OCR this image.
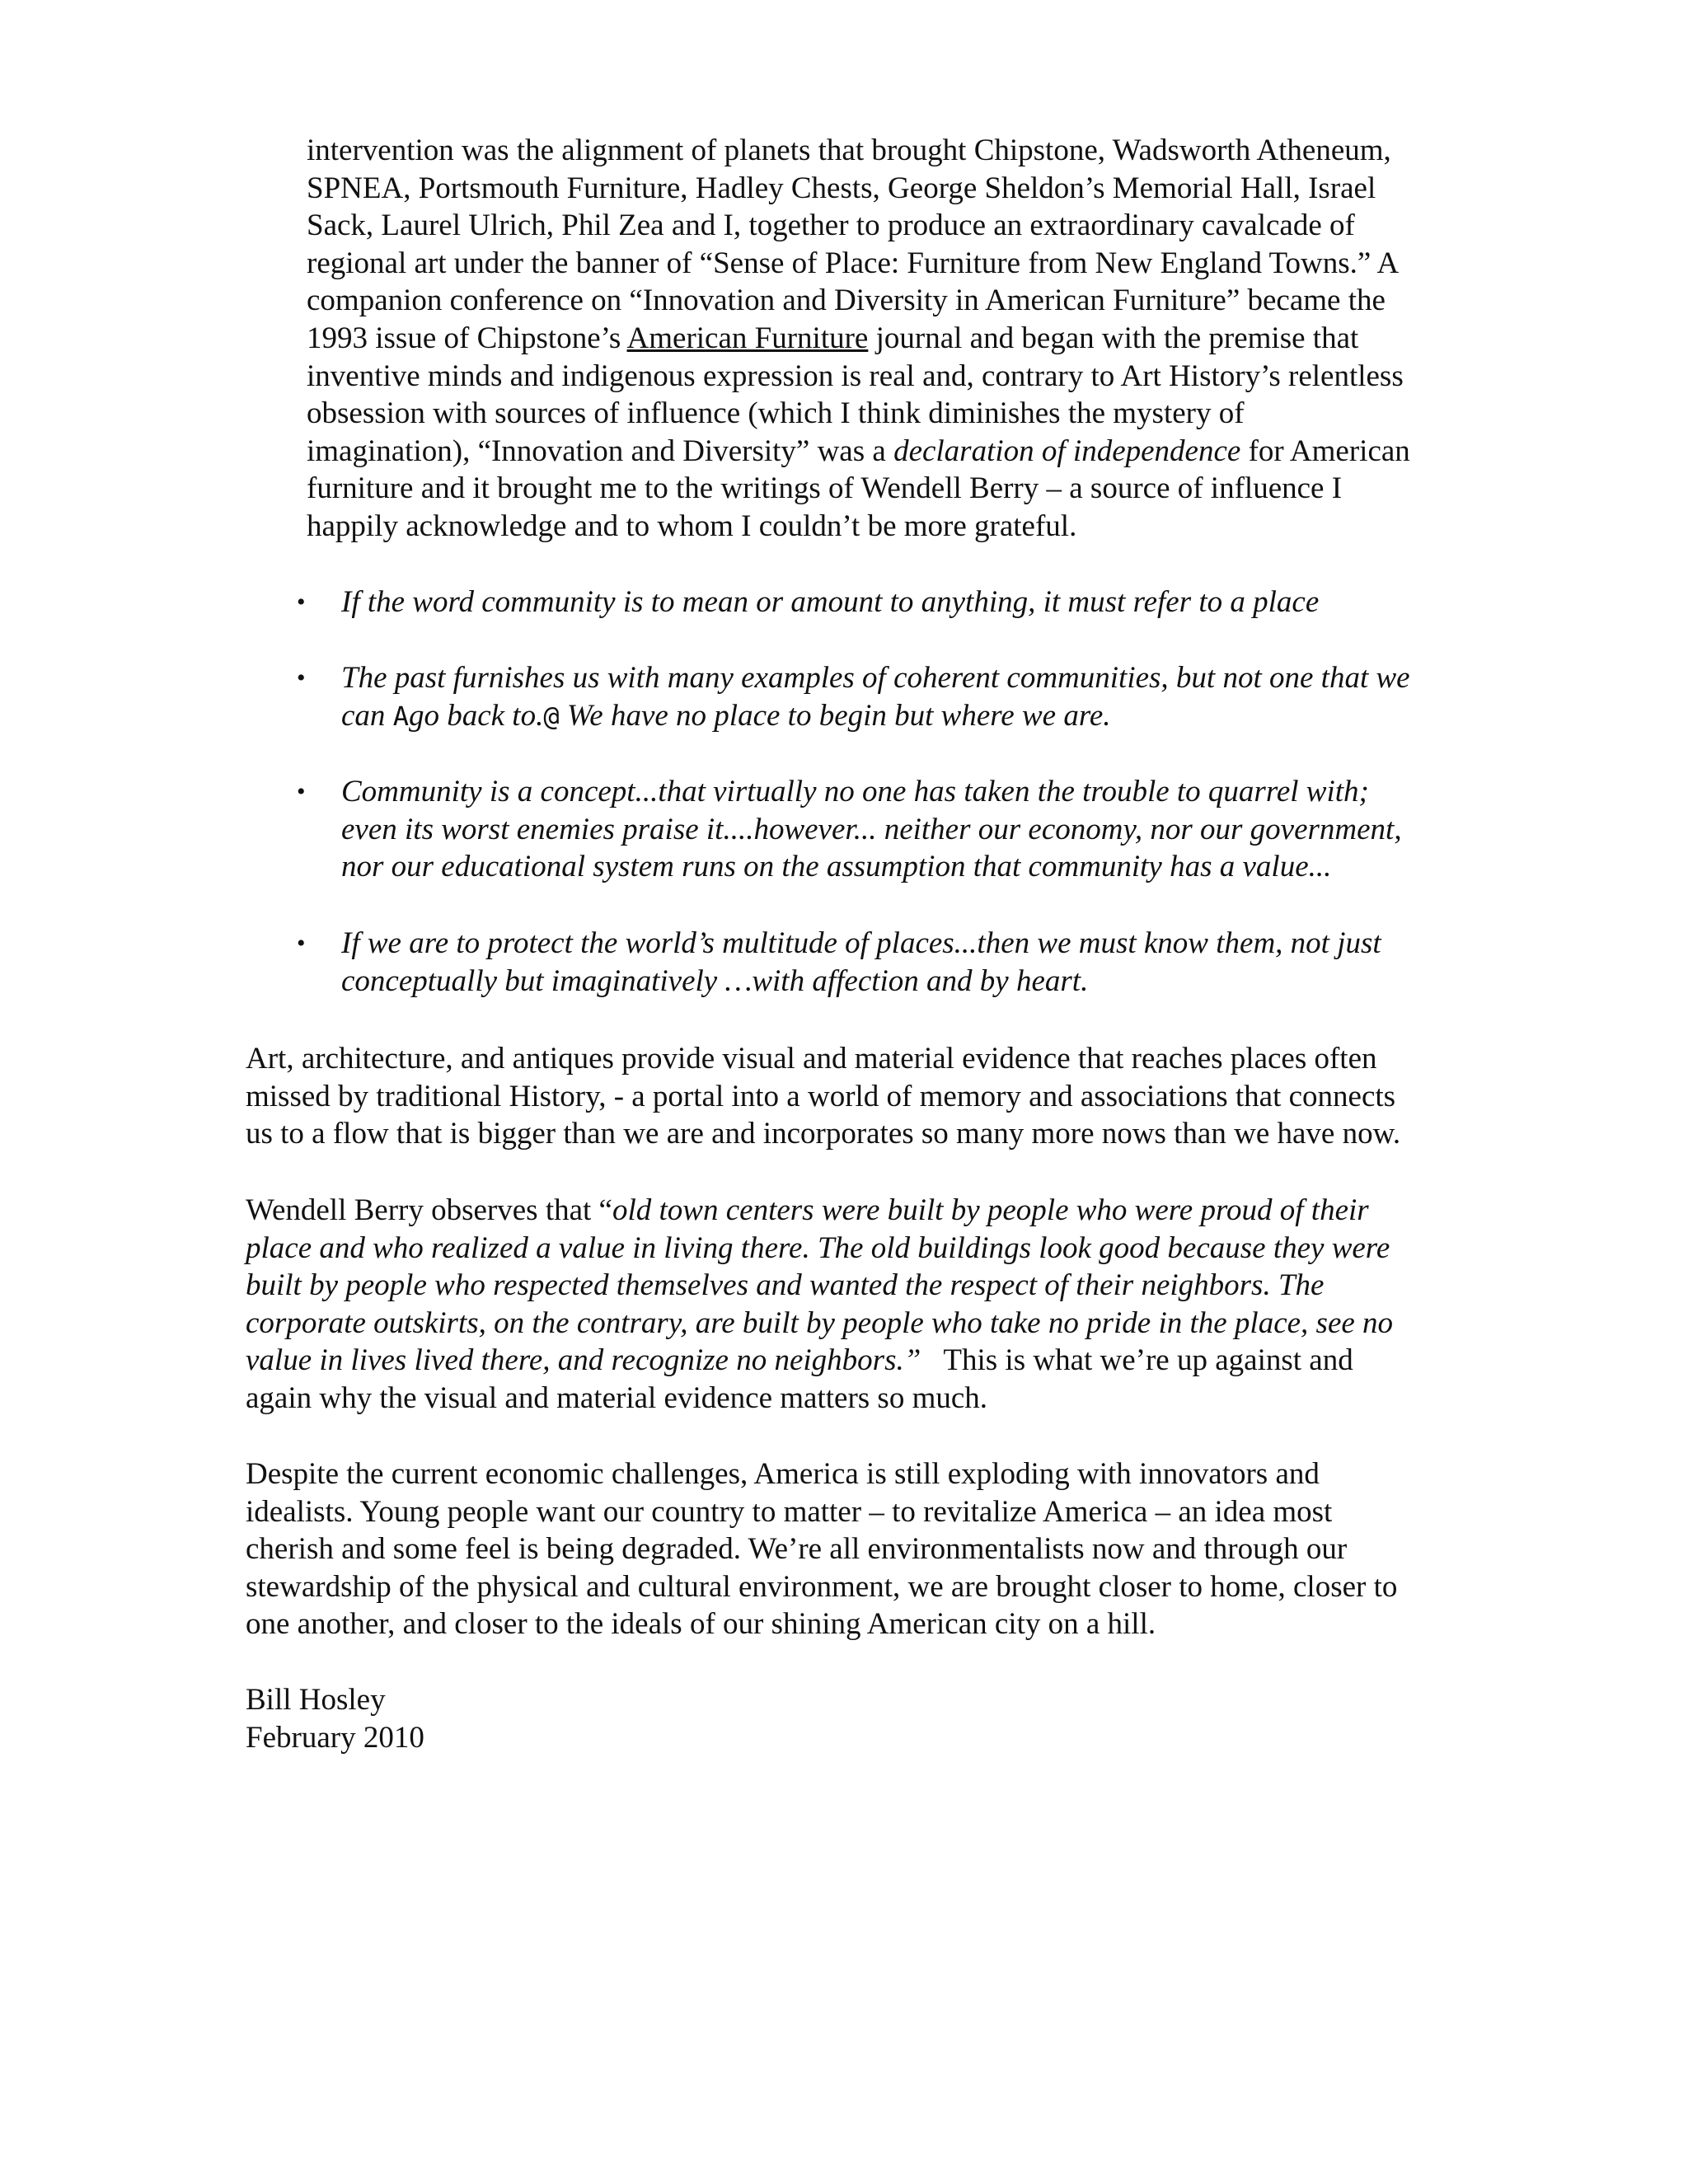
intervention was the alignment of planets that brought Chipstone, Wadsworth Atheneum,
SPNEA, Portsmouth Furniture, Hadley Chests, George Sheldon’s Memorial Hall, Israel
Sack, Laurel Ulrich, Phil Zea and I, together to produce an extraordinary cavalcade of
regional art under the banner of “Sense of Place: Furniture from New England Towns.” A
companion conference on “Innovation and Diversity in American Furniture” became the
1993 issue of Chipstone’s American Furniture journal and began with the premise that
inventive minds and indigenous expression is real and, contrary to Art History’s relentless
obsession with sources of influence (which I think diminishes the mystery of
imagination), “Innovation and Diversity” was a declaration of independence for American
furniture and it brought me to the writings of Wendell Berry – a source of influence I
happily acknowledge and to whom I couldn’t be more grateful.

• If the word community is to mean or amount to anything, it must refer to a place
• The past furnishes us with many examples of coherent communities, but not one that we
can Ago back to.@ We have no place to begin but where we are.
• Community is a concept...that virtually no one has taken the trouble to quarrel with;
even its worst enemies praise it....however... neither our economy, nor our government,
nor our educational system runs on the assumption that community has a value...
• If we are to protect the world’s multitude of places...then we must know them, not just
conceptually but imaginatively …with affection and by heart.

Art, architecture, and antiques provide visual and material evidence that reaches places often
missed by traditional History, - a portal into a world of memory and associations that connects
us to a flow that is bigger than we are and incorporates so many more nows than we have now.

Wendell Berry observes that “old town centers were built by people who were proud of their
place and who realized a value in living there. The old buildings look good because they were
built by people who respected themselves and wanted the respect of their neighbors. The
corporate outskirts, on the contrary, are built by people who take no pride in the place, see no
value in lives lived there, and recognize no neighbors.”   This is what we’re up against and
again why the visual and material evidence matters so much.

Despite the current economic challenges, America is still exploding with innovators and
idealists. Young people want our country to matter – to revitalize America – an idea most
cherish and some feel is being degraded. We’re all environmentalists now and through our
stewardship of the physical and cultural environment, we are brought closer to home, closer to
one another, and closer to the ideals of our shining American city on a hill.

Bill Hosley
February 2010
